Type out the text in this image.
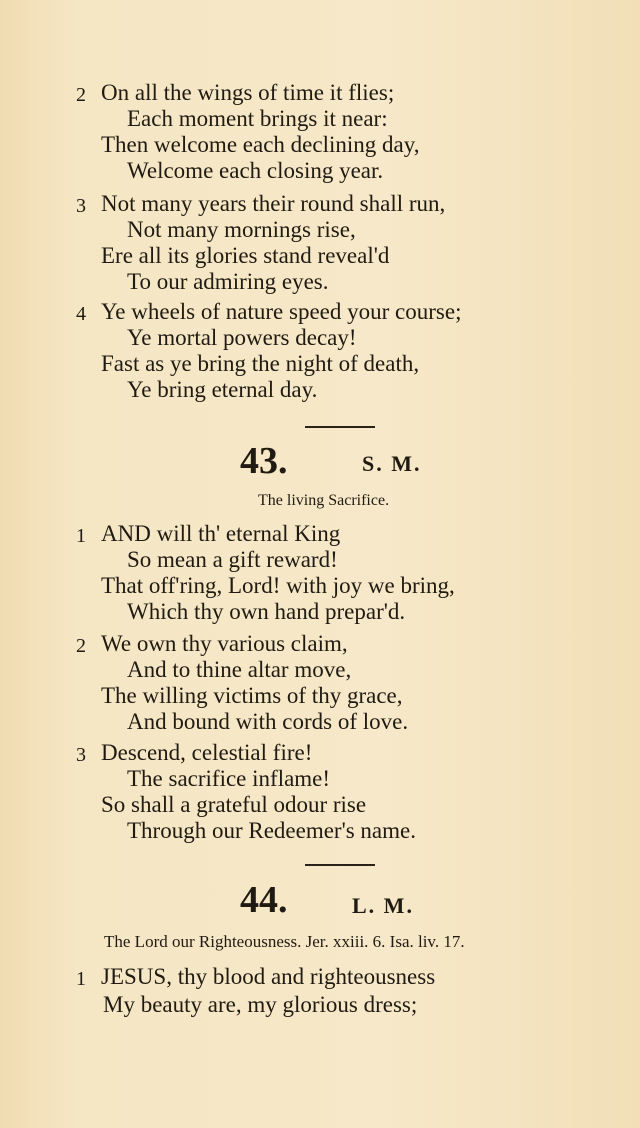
2 On all the wings of time it flies;
Each moment brings it near:
Then welcome each declining day,
Welcome each closing year.
3 Not many years their round shall run,
Not many mornings rise,
Ere all its glories stand reveal'd
To our admiring eyes.
4 Ye wheels of nature speed your course;
Ye mortal powers decay!
Fast as ye bring the night of death,
Ye bring eternal day.
43.	S. M.
The living Sacrifice.
1 AND will th' eternal King
So mean a gift reward!
That off'ring, Lord! with joy we bring,
Which thy own hand prepar'd.
2 We own thy various claim,
And to thine altar move,
The willing victims of thy grace,
And bound with cords of love.
3 Descend, celestial fire!
The sacrifice inflame!
So shall a grateful odour rise
Through our Redeemer's name.
44.	L. M.
The Lord our Righteousness. Jer. xxiii. 6. Isa. liv. 17.
1 JESUS, thy blood and righteousness
My beauty are, my glorious dress;
